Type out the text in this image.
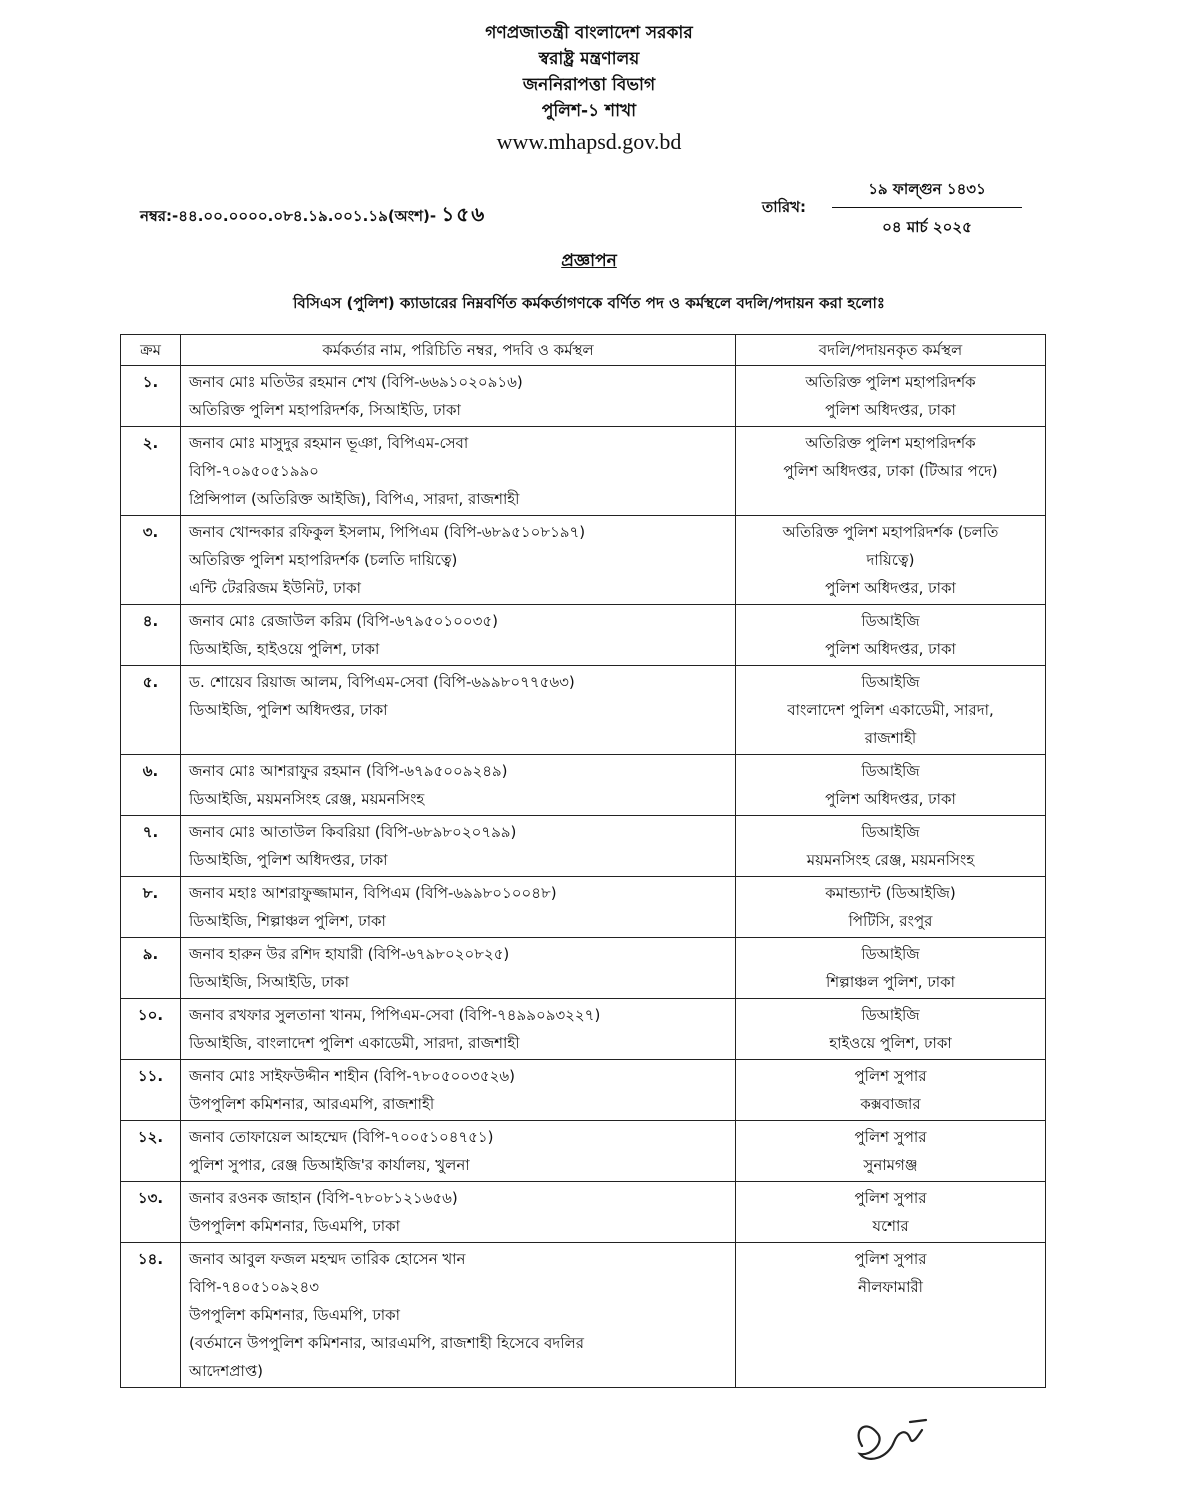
গণপ্রজাতন্ত্রী বাংলাদেশ সরকার

স্বরাষ্ট্র মন্ত্রণালয়

জননিরাপত্তা বিভাগ

পুলিশ-১ শাখা

www.mhapsd.gov.bd
নম্বর:-৪৪.০০.০০০০.০৮৪.১৯.০০১.১৯(অংশ)- ১৫৬	তারিখ:
১৯ ফাল্গুন ১৪৩১
০৪ মার্চ ২০২৫
প্রজ্ঞাপন
বিসিএস (পুলিশ) ক্যাডারের নিম্নবর্ণিত কর্মকর্তাগণকে বর্ণিত পদ ও কর্মস্থলে বদলি/পদায়ন করা হলোঃ
ক্রম	কর্মকর্তার নাম, পরিচিতি নম্বর, পদবি ও কর্মস্থল	বদলি/পদায়নকৃত কর্মস্থল
১.	জনাব মোঃ মতিউর রহমান শেখ (বিপি-৬৬৯১০২০৯১৬)
অতিরিক্ত পুলিশ মহাপরিদর্শক, সিআইডি, ঢাকা	অতিরিক্ত পুলিশ মহাপরিদর্শক
পুলিশ অধিদপ্তর, ঢাকা

২.	জনাব মোঃ মাসুদুর রহমান ভূঞা, বিপিএম-সেবা
বিপি-৭০৯৫০৫১৯৯০
প্রিন্সিপাল (অতিরিক্ত আইজি), বিপিএ, সারদা, রাজশাহী	অতিরিক্ত পুলিশ মহাপরিদর্শক
পুলিশ অধিদপ্তর, ঢাকা (টিআর পদে)

৩.	জনাব খোন্দকার রফিকুল ইসলাম, পিপিএম (বিপি-৬৮৯৫১০৮১৯৭)
অতিরিক্ত পুলিশ মহাপরিদর্শক (চলতি দায়িত্বে)
এন্টি টেররিজম ইউনিট, ঢাকা	অতিরিক্ত পুলিশ মহাপরিদর্শক (চলতি
দায়িত্বে)
পুলিশ অধিদপ্তর, ঢাকা

৪.	জনাব মোঃ রেজাউল করিম (বিপি-৬৭৯৫০১০০৩৫)
ডিআইজি, হাইওয়ে পুলিশ, ঢাকা	ডিআইজি
পুলিশ অধিদপ্তর, ঢাকা

৫.	ড. শোয়েব রিয়াজ আলম, বিপিএম-সেবা (বিপি-৬৯৯৮০৭৭৫৬৩)
ডিআইজি, পুলিশ অধিদপ্তর, ঢাকা	ডিআইজি
বাংলাদেশ পুলিশ একাডেমী, সারদা,
রাজশাহী

৬.	জনাব মোঃ আশরাফুর রহমান (বিপি-৬৭৯৫০০৯২৪৯)
ডিআইজি, ময়মনসিংহ রেঞ্জ, ময়মনসিংহ	ডিআইজি
পুলিশ অধিদপ্তর, ঢাকা

৭.	জনাব মোঃ আতাউল কিবরিয়া (বিপি-৬৮৯৮০২০৭৯৯)
ডিআইজি, পুলিশ অধিদপ্তর, ঢাকা	ডিআইজি
ময়মনসিংহ রেঞ্জ, ময়মনসিংহ

৮.	জনাব মহাঃ আশরাফুজ্জামান, বিপিএম (বিপি-৬৯৯৮০১০০৪৮)
ডিআইজি, শিল্পাঞ্চল পুলিশ, ঢাকা	কমান্ড্যান্ট (ডিআইজি)
পিটিসি, রংপুর

৯.	জনাব হারুন উর রশিদ হাযারী (বিপি-৬৭৯৮০২০৮২৫)
ডিআইজি, সিআইডি, ঢাকা	ডিআইজি
শিল্পাঞ্চল পুলিশ, ঢাকা

১০.	জনাব রখফার সুলতানা খানম, পিপিএম-সেবা (বিপি-৭৪৯৯০৯৩২২৭)
ডিআইজি, বাংলাদেশ পুলিশ একাডেমী, সারদা, রাজশাহী	ডিআইজি
হাইওয়ে পুলিশ, ঢাকা

১১.	জনাব মোঃ সাইফউদ্দীন শাহীন (বিপি-৭৮০৫০০৩৫২৬)
উপপুলিশ কমিশনার, আরএমপি, রাজশাহী	পুলিশ সুপার
কক্সবাজার

১২.	জনাব তোফায়েল আহম্মেদ (বিপি-৭০০৫১০৪৭৫১)
পুলিশ সুপার, রেঞ্জ ডিআইজি'র কার্যালয়, খুলনা	পুলিশ সুপার
সুনামগঞ্জ

১৩.	জনাব রওনক জাহান (বিপি-৭৮০৮১২১৬৫৬)
উপপুলিশ কমিশনার, ডিএমপি, ঢাকা	পুলিশ সুপার
যশোর

১৪.	জনাব আবুল ফজল মহম্মদ তারিক হোসেন খান
বিপি-৭৪০৫১০৯২৪৩
উপপুলিশ কমিশনার, ডিএমপি, ঢাকা
(বর্তমানে উপপুলিশ কমিশনার, আরএমপি, রাজশাহী হিসেবে বদলির
আদেশপ্রাপ্ত)	পুলিশ সুপার
নীলফামারী
